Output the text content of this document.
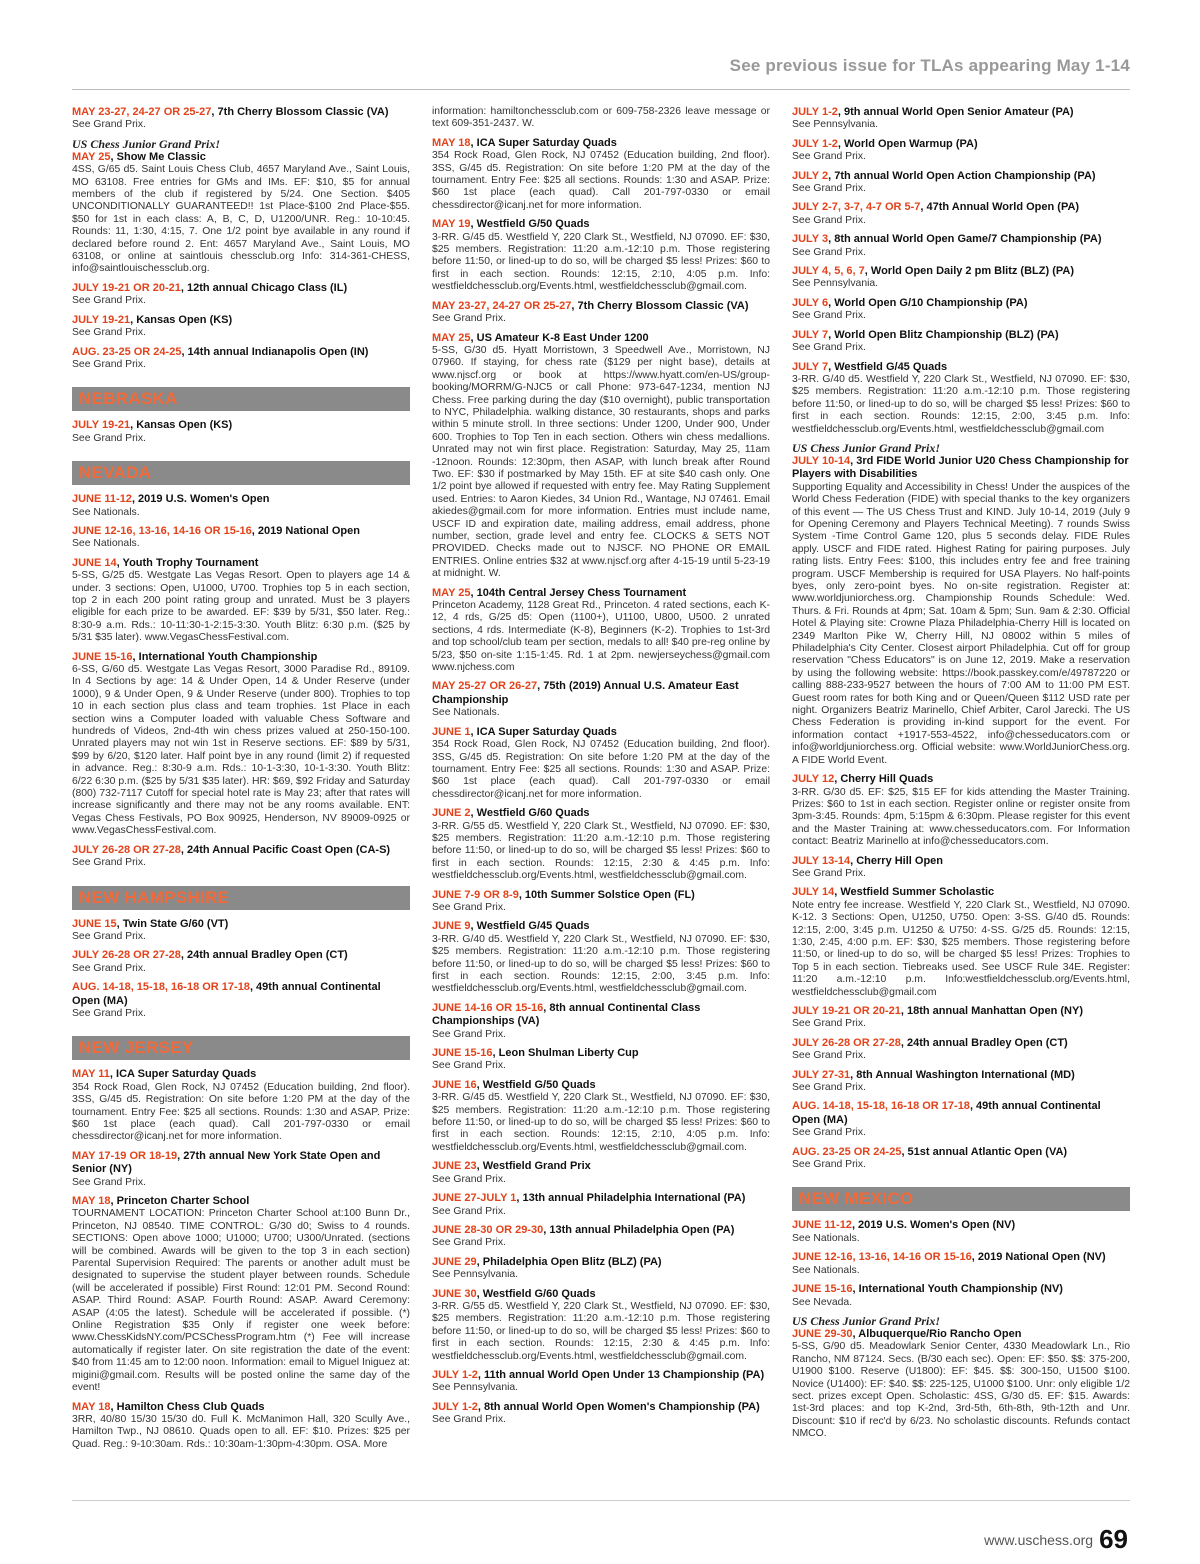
See previous issue for TLAs appearing May 1-14
MAY 23-27, 24-27 OR 25-27, 7th Cherry Blossom Classic (VA)
See Grand Prix.
US Chess Junior Grand Prix!
MAY 25, Show Me Classic
4SS, G/65 d5. Saint Louis Chess Club, 4657 Maryland Ave., Saint Louis, MO 63108. Free entries for GMs and IMs. EF: $10, $5 for annual members of the club if registered by 5/24. One Section. $405 UNCONDITIONALLY GUARANTEED!! 1st Place-$100 2nd Place-$55. $50 for 1st in each class: A, B, C, D, U1200/UNR. Reg.: 10-10:45. Rounds: 11, 1:30, 4:15, 7. One 1/2 point bye available in any round if declared before round 2. Ent: 4657 Maryland Ave., Saint Louis, MO 63108, or online at saintlouis chessclub.org Info: 314-361-CHESS, info@saintlouischessclub.org.
JULY 19-21 OR 20-21, 12th annual Chicago Class (IL)
See Grand Prix.
JULY 19-21, Kansas Open (KS)
See Grand Prix.
AUG. 23-25 OR 24-25, 14th annual Indianapolis Open (IN)
See Grand Prix.
NEBRASKA
JULY 19-21, Kansas Open (KS)
See Grand Prix.
NEVADA
JUNE 11-12, 2019 U.S. Women's Open
See Nationals.
JUNE 12-16, 13-16, 14-16 OR 15-16, 2019 National Open
See Nationals.
JUNE 14, Youth Trophy Tournament
5-SS, G/25 d5. Westgate Las Vegas Resort. Open to players age 14 & under. 3 sections: Open, U1000, U700. Trophies top 5 in each section, top 2 in each 200 point rating group and unrated. Must be 3 players eligible for each prize to be awarded. EF: $39 by 5/31, $50 later. Reg.: 8:30-9 a.m. Rds.: 10-11:30-1-2:15-3:30. Youth Blitz: 6:30 p.m. ($25 by 5/31 $35 later). www.VegasChessFestival.com.
JUNE 15-16, International Youth Championship
6-SS, G/60 d5. Westgate Las Vegas Resort, 3000 Paradise Rd., 89109. In 4 Sections by age: 14 & Under Open, 14 & Under Reserve (under 1000), 9 & Under Open, 9 & Under Reserve (under 800). Trophies to top 10 in each section plus class and team trophies. 1st Place in each section wins a Computer loaded with valuable Chess Software and hundreds of Videos, 2nd-4th win chess prizes valued at 250-150-100. Unrated players may not win 1st in Reserve sections. EF: $89 by 5/31, $99 by 6/20, $120 later. Half point bye in any round (limit 2) if requested in advance. Reg.: 8:30-9 a.m. Rds.: 10-1-3:30, 10-1-3:30. Youth Blitz: 6/22 6:30 p.m. ($25 by 5/31 $35 later). HR: $69, $92 Friday and Saturday (800) 732-7117 Cutoff for special hotel rate is May 23; after that rates will increase significantly and there may not be any rooms available. ENT: Vegas Chess Festivals, PO Box 90925, Henderson, NV 89009-0925 or www.VegasChessFestival.com.
JULY 26-28 OR 27-28, 24th Annual Pacific Coast Open (CA-S)
See Grand Prix.
NEW HAMPSHIRE
JUNE 15, Twin State G/60 (VT)
See Grand Prix.
JULY 26-28 OR 27-28, 24th annual Bradley Open (CT)
See Grand Prix.
AUG. 14-18, 15-18, 16-18 OR 17-18, 49th annual Continental Open (MA)
See Grand Prix.
NEW JERSEY
MAY 11, ICA Super Saturday Quads
354 Rock Road, Glen Rock, NJ 07452 (Education building, 2nd floor). 3SS, G/45 d5. Registration: On site before 1:20 PM at the day of the tournament. Entry Fee: $25 all sections. Rounds: 1:30 and ASAP. Prize: $60 1st place (each quad). Call 201-797-0330 or email chessdirector@icanj.net for more information.
MAY 17-19 OR 18-19, 27th annual New York State Open and Senior (NY)
See Grand Prix.
MAY 18, Princeton Charter School
TOURNAMENT LOCATION: Princeton Charter School at:100 Bunn Dr., Princeton, NJ 08540. TIME CONTROL: G/30 d0; Swiss to 4 rounds. SECTIONS: Open above 1000; U1000; U700; U300/Unrated. (sections will be combined. Awards will be given to the top 3 in each section) Parental Supervision Required: The parents or another adult must be designated to supervise the student player between rounds. Schedule (will be accelerated if possible) First Round: 12:01 PM. Second Round: ASAP. Third Round: ASAP. Fourth Round: ASAP. Award Ceremony: ASAP (4:05 the latest). Schedule will be accelerated if possible. (*) Online Registration $35 Only if register one week before: www.ChessKidsNY.com/PCSChessProgram.htm (*) Fee will increase automatically if register later. On site registration the date of the event: $40 from 11:45 am to 12:00 noon. Information: email to Miguel Iniguez at: migini@gmail.com. Results will be posted online the same day of the event!
MAY 18, Hamilton Chess Club Quads
3RR, 40/80 15/30 15/30 d0. Full K. McManimon Hall, 320 Scully Ave., Hamilton Twp., NJ 08610. Quads open to all. EF: $10. Prizes: $25 per Quad. Reg.: 9-10:30am. Rds.: 10:30am-1:30pm-4:30pm. OSA. More
information: hamiltonchessclub.com or 609-758-2326 leave message or text 609-351-2437. W.
MAY 18, ICA Super Saturday Quads
354 Rock Road, Glen Rock, NJ 07452 (Education building, 2nd floor). 3SS, G/45 d5. Registration: On site before 1:20 PM at the day of the tournament. Entry Fee: $25 all sections. Rounds: 1:30 and ASAP. Prize: $60 1st place (each quad). Call 201-797-0330 or email chessdirector@icanj.net for more information.
MAY 19, Westfield G/50 Quads
3-RR. G/45 d5. Westfield Y, 220 Clark St., Westfield, NJ 07090. EF: $30, $25 members. Registration: 11:20 a.m.-12:10 p.m. Those registering before 11:50, or lined-up to do so, will be charged $5 less! Prizes: $60 to first in each section. Rounds: 12:15, 2:10, 4:05 p.m. Info: westfieldchessclub.org/Events.html, westfieldchessclub@gmail.com.
MAY 23-27, 24-27 OR 25-27, 7th Cherry Blossom Classic (VA)
See Grand Prix.
MAY 25, US Amateur K-8 East Under 1200
5-SS, G/30 d5. Hyatt Morristown, 3 Speedwell Ave., Morristown, NJ 07960. If staying, for chess rate ($129 per night base), details at www.njscf.org or book at https://www.hyatt.com/en-US/group-booking/MORRM/G-NJC5 or call Phone: 973-647-1234, mention NJ Chess. Free parking during the day ($10 overnight), public transportation to NYC, Philadelphia. walking distance, 30 restaurants, shops and parks within 5 minute stroll. In three sections: Under 1200, Under 900, Under 600. Trophies to Top Ten in each section. Others win chess medallions. Unrated may not win first place. Registration: Saturday, May 25, 11am -12noon. Rounds: 12:30pm, then ASAP, with lunch break after Round Two. EF: $30 if postmarked by May 15th. EF at site $40 cash only. One 1/2 point bye allowed if requested with entry fee. May Rating Supplement used. Entries: to Aaron Kiedes, 34 Union Rd., Wantage, NJ 07461. Email akiedes@gmail.com for more information. Entries must include name, USCF ID and expiration date, mailing address, email address, phone number, section, grade level and entry fee. CLOCKS & SETS NOT PROVIDED. Checks made out to NJSCF. NO PHONE OR EMAIL ENTRIES. Online entries $32 at www.njscf.org after 4-15-19 until 5-23-19 at midnight. W.
MAY 25, 104th Central Jersey Chess Tournament
Princeton Academy, 1128 Great Rd., Princeton. 4 rated sections, each K-12, 4 rds, G/25 d5: Open (1100+), U1100, U800, U500. 2 unrated sections, 4 rds. Intermediate (K-8), Beginners (K-2). Trophies to 1st-3rd and top school/club team per section, medals to all! $40 pre-reg online by 5/23, $50 on-site 1:15-1:45. Rd. 1 at 2pm. newjerseychess@gmail.com www.njchess.com
MAY 25-27 OR 26-27, 75th (2019) Annual U.S. Amateur East Championship
See Nationals.
JUNE 1, ICA Super Saturday Quads
354 Rock Road, Glen Rock, NJ 07452 (Education building, 2nd floor). 3SS, G/45 d5. Registration: On site before 1:20 PM at the day of the tournament. Entry Fee: $25 all sections. Rounds: 1:30 and ASAP. Prize: $60 1st place (each quad). Call 201-797-0330 or email chessdirector@icanj.net for more information.
JUNE 2, Westfield G/60 Quads
3-RR. G/55 d5. Westfield Y, 220 Clark St., Westfield, NJ 07090. EF: $30, $25 members. Registration: 11:20 a.m.-12:10 p.m. Those registering before 11:50, or lined-up to do so, will be charged $5 less! Prizes: $60 to first in each section. Rounds: 12:15, 2:30 & 4:45 p.m. Info: westfieldchessclub.org/Events.html, westfieldchessclub@gmail.com.
JUNE 7-9 OR 8-9, 10th Summer Solstice Open (FL)
See Grand Prix.
JUNE 9, Westfield G/45 Quads
3-RR. G/40 d5. Westfield Y, 220 Clark St., Westfield, NJ 07090. EF: $30, $25 members. Registration: 11:20 a.m.-12:10 p.m. Those registering before 11:50, or lined-up to do so, will be charged $5 less! Prizes: $60 to first in each section. Rounds: 12:15, 2:00, 3:45 p.m. Info: westfieldchessclub.org/Events.html, westfieldchessclub@gmail.com.
JUNE 14-16 OR 15-16, 8th annual Continental Class Championships (VA)
See Grand Prix.
JUNE 15-16, Leon Shulman Liberty Cup
See Grand Prix.
JUNE 16, Westfield G/50 Quads
3-RR. G/45 d5. Westfield Y, 220 Clark St., Westfield, NJ 07090. EF: $30, $25 members. Registration: 11:20 a.m.-12:10 p.m. Those registering before 11:50, or lined-up to do so, will be charged $5 less! Prizes: $60 to first in each section. Rounds: 12:15, 2:10, 4:05 p.m. Info: westfieldchessclub.org/Events.html, westfieldchessclub@gmail.com.
JUNE 23, Westfield Grand Prix
See Grand Prix.
JUNE 27-JULY 1, 13th annual Philadelphia International (PA)
See Grand Prix.
JUNE 28-30 OR 29-30, 13th annual Philadelphia Open (PA)
See Grand Prix.
JUNE 29, Philadelphia Open Blitz (BLZ) (PA)
See Pennsylvania.
JUNE 30, Westfield G/60 Quads
3-RR. G/55 d5. Westfield Y, 220 Clark St., Westfield, NJ 07090. EF: $30, $25 members. Registration: 11:20 a.m.-12:10 p.m. Those registering before 11:50, or lined-up to do so, will be charged $5 less! Prizes: $60 to first in each section. Rounds: 12:15, 2:30 & 4:45 p.m. Info: westfieldchessclub.org/Events.html, westfieldchessclub@gmail.com.
JULY 1-2, 11th annual World Open Under 13 Championship (PA)
See Pennsylvania.
JULY 1-2, 8th annual World Open Women's Championship (PA)
See Grand Prix.
JULY 1-2, 9th annual World Open Senior Amateur (PA)
See Pennsylvania.
JULY 1-2, World Open Warmup (PA)
See Grand Prix.
JULY 2, 7th annual World Open Action Championship (PA)
See Grand Prix.
JULY 2-7, 3-7, 4-7 OR 5-7, 47th Annual World Open (PA)
See Grand Prix.
JULY 3, 8th annual World Open Game/7 Championship (PA)
See Grand Prix.
JULY 4, 5, 6, 7, World Open Daily 2 pm Blitz (BLZ) (PA)
See Pennsylvania.
JULY 6, World Open G/10 Championship (PA)
See Grand Prix.
JULY 7, World Open Blitz Championship (BLZ) (PA)
See Grand Prix.
JULY 7, Westfield G/45 Quads
3-RR. G/40 d5. Westfield Y, 220 Clark St., Westfield, NJ 07090. EF: $30, $25 members. Registration: 11:20 a.m.-12:10 p.m. Those registering before 11:50, or lined-up to do so, will be charged $5 less! Prizes: $60 to first in each section. Rounds: 12:15, 2:00, 3:45 p.m. Info: westfieldchessclub.org/Events.html, westfieldchessclub@gmail.com
US Chess Junior Grand Prix!
JULY 10-14, 3rd FIDE World Junior U20 Chess Championship for Players with Disabilities
Supporting Equality and Accessibility in Chess! Under the auspices of the World Chess Federation (FIDE) with special thanks to the key organizers of this event — The US Chess Trust and KIND. July 10-14, 2019 (July 9 for Opening Ceremony and Players Technical Meeting). 7 rounds Swiss System -Time Control Game 120, plus 5 seconds delay. FIDE Rules apply. USCF and FIDE rated. Highest Rating for pairing purposes. July rating lists. Entry Fees: $100, this includes entry fee and free training program. USCF Membership is required for USA Players. No half-points byes, only zero-point byes. No on-site registration. Register at: www.worldjuniorchess.org. Championship Rounds Schedule: Wed. Thurs. & Fri. Rounds at 4pm; Sat. 10am & 5pm; Sun. 9am & 2:30. Official Hotel & Playing site: Crowne Plaza Philadelphia-Cherry Hill is located on 2349 Marlton Pike W, Cherry Hill, NJ 08002 within 5 miles of Philadelphia's City Center. Closest airport Philadelphia. Cut off for group reservation "Chess Educators" is on June 12, 2019. Make a reservation by using the following website: https://book.passkey.com/e/49787220 or calling 888-233-9527 between the hours of 7:00 AM to 11:00 PM EST. Guest room rates for both King and or Queen/Queen $112 USD rate per night. Organizers Beatriz Marinello, Chief Arbiter, Carol Jarecki. The US Chess Federation is providing in-kind support for the event. For information contact +1917-553-4522, info@chesseducators.com or info@worldjuniorchess.org. Official website: www.WorldJuniorChess.org. A FIDE World Event.
JULY 12, Cherry Hill Quads
3-RR. G/30 d5. EF: $25, $15 EF for kids attending the Master Training. Prizes: $60 to 1st in each section. Register online or register onsite from 3pm-3:45. Rounds: 4pm, 5:15pm & 6:30pm. Please register for this event and the Master Training at: www.chesseducators.com. For Information contact: Beatriz Marinello at info@chesseducators.com.
JULY 13-14, Cherry Hill Open
See Grand Prix.
JULY 14, Westfield Summer Scholastic
Note entry fee increase. Westfield Y, 220 Clark St., Westfield, NJ 07090. K-12. 3 Sections: Open, U1250, U750. Open: 3-SS. G/40 d5. Rounds: 12:15, 2:00, 3:45 p.m. U1250 & U750: 4-SS. G/25 d5. Rounds: 12:15, 1:30, 2:45, 4:00 p.m. EF: $30, $25 members. Those registering before 11:50, or lined-up to do so, will be charged $5 less! Prizes: Trophies to Top 5 in each section. Tiebreaks used. See USCF Rule 34E. Register: 11:20 a.m.-12:10 p.m. Info:westfieldchessclub.org/Events.html, westfieldchessclub@gmail.com
JULY 19-21 OR 20-21, 18th annual Manhattan Open (NY)
See Grand Prix.
JULY 26-28 OR 27-28, 24th annual Bradley Open (CT)
See Grand Prix.
JULY 27-31, 8th Annual Washington International (MD)
See Grand Prix.
AUG. 14-18, 15-18, 16-18 OR 17-18, 49th annual Continental Open (MA)
See Grand Prix.
AUG. 23-25 OR 24-25, 51st annual Atlantic Open (VA)
See Grand Prix.
NEW MEXICO
JUNE 11-12, 2019 U.S. Women's Open (NV)
See Nationals.
JUNE 12-16, 13-16, 14-16 OR 15-16, 2019 National Open (NV)
See Nationals.
JUNE 15-16, International Youth Championship (NV)
See Nevada.
US Chess Junior Grand Prix!
JUNE 29-30, Albuquerque/Rio Rancho Open
5-SS, G/90 d5. Meadowlark Senior Center, 4330 Meadowlark Ln., Rio Rancho, NM 87124. Secs. (B/30 each sec). Open: EF: $50. $$: 375-200, U1900 $100. Reserve (U1800): EF: $45. $$: 300-150, U1500 $100. Novice (U1400): EF: $40. $$: 225-125, U1000 $100. Unr: only eligible 1/2 sect. prizes except Open. Scholastic: 4SS, G/30 d5. EF: $15. Awards: 1st-3rd places: and top K-2nd, 3rd-5th, 6th-8th, 9th-12th and Unr. Discount: $10 if rec'd by 6/23. No scholastic discounts. Refunds contact NMCO.
www.uschess.org 69
